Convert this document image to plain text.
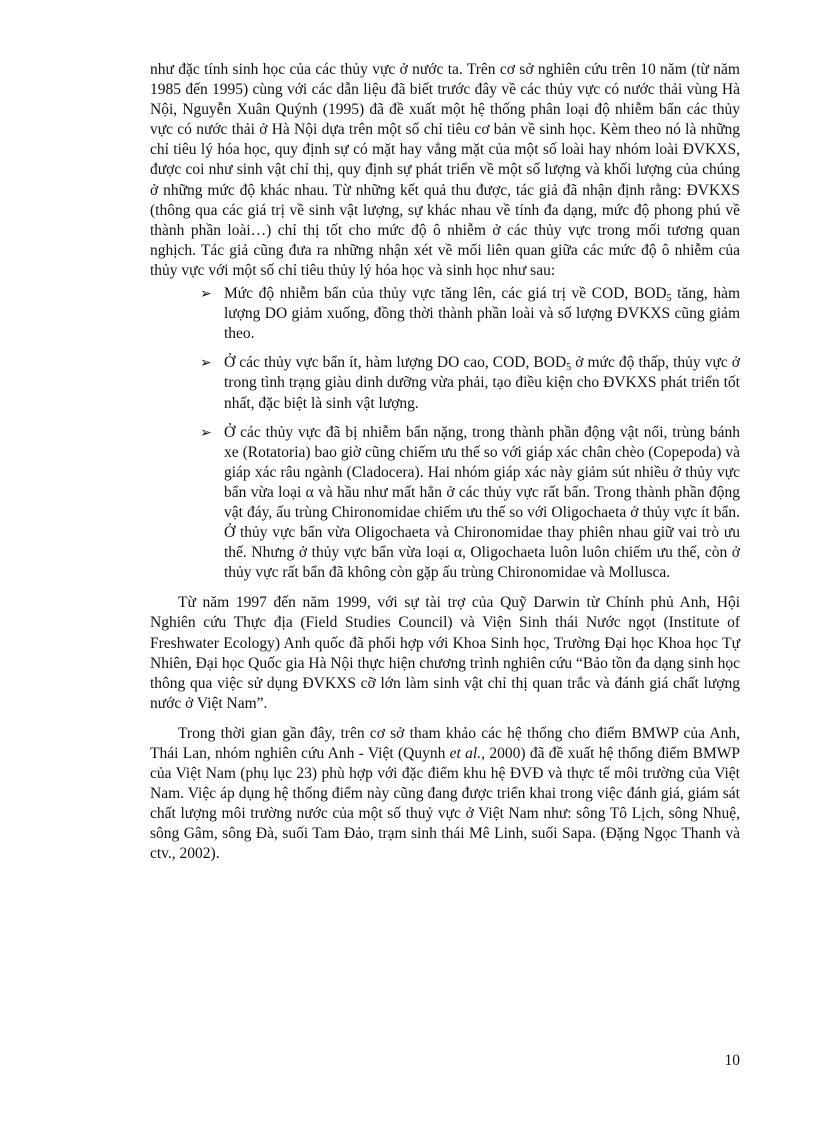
như đặc tính sinh học của các thủy vực ở nước ta. Trên cơ sở nghiên cứu trên 10 năm (từ năm 1985 đến 1995) cùng với các dẫn liệu đã biết trước đây về các thủy vực có nước thải vùng Hà Nội, Nguyễn Xuân Quýnh (1995) đã đề xuất một hệ thống phân loại độ nhiễm bẩn các thủy vực có nước thải ở Hà Nội dựa trên một số chỉ tiêu cơ bản về sinh học. Kèm theo nó là những chỉ tiêu lý hóa học, quy định sự có mặt hay vắng mặt của một số loài hay nhóm loài ĐVKXS, được coi như sinh vật chỉ thị, quy định sự phát triển về một số lượng và khối lượng của chúng ở những mức độ khác nhau. Từ những kết quả thu được, tác giả đã nhận định rằng: ĐVKXS (thông qua các giá trị về sinh vật lượng, sự khác nhau về tính đa dạng, mức độ phong phú về thành phần loài…) chỉ thị tốt cho mức độ ô nhiễm ở các thủy vực trong mối tương quan nghịch. Tác giả cũng đưa ra những nhận xét về mối liên quan giữa các mức độ ô nhiễm của thủy vực với một số chỉ tiêu thủy lý hóa học và sinh học như sau:

➢ Mức độ nhiễm bẩn của thủy vực tăng lên, các giá trị về COD, $BOD_5$ tăng, hàm lượng DO giảm xuống, đồng thời thành phần loài và số lượng ĐVKXS cũng giảm theo.
➢ Ở các thủy vực bẩn ít, hàm lượng DO cao, COD, $BOD_5$ ở mức độ thấp, thủy vực ở trong tình trạng giàu dinh dưỡng vừa phải, tạo điều kiện cho ĐVKXS phát triển tốt nhất, đặc biệt là sinh vật lượng.
➢ Ở các thủy vực đã bị nhiễm bẩn nặng, trong thành phần động vật nổi, trùng bánh xe (Rotatoria) bao giờ cũng chiếm ưu thế so với giáp xác chân chèo (Copepoda) và giáp xác râu ngành (Cladocera). Hai nhóm giáp xác này giảm sút nhiều ở thủy vực bẩn vừa loại α và hầu như mất hẳn ở các thủy vực rất bẩn. Trong thành phần động vật đáy, ấu trùng Chironomidae chiếm ưu thế so với Oligochaeta ở thủy vực ít bẩn. Ở thủy vực bẩn vừa Oligochaeta và Chironomidae thay phiên nhau giữ vai trò ưu thế. Nhưng ở thủy vực bẩn vừa loại α, Oligochaeta luôn luôn chiếm ưu thế, còn ở thủy vực rất bẩn đã không còn gặp ấu trùng Chironomidae và Mollusca.

Từ năm 1997 đến năm 1999, với sự tài trợ của Quỹ Darwin từ Chính phủ Anh, Hội Nghiên cứu Thực địa (Field Studies Council) và Viện Sinh thái Nước ngọt (Institute of Freshwater Ecology) Anh quốc đã phối hợp với Khoa Sinh học, Trường Đại học Khoa học Tự Nhiên, Đại học Quốc gia Hà Nội thực hiện chương trình nghiên cứu “Bảo tồn đa dạng sinh học thông qua việc sử dụng ĐVKXS cỡ lớn làm sinh vật chỉ thị quan trắc và đánh giá chất lượng nước ở Việt Nam”.

Trong thời gian gần đây, trên cơ sở tham khảo các hệ thống cho điểm BMWP của Anh, Thái Lan, nhóm nghiên cứu Anh - Việt (Quynh et al., 2000) đã đề xuất hệ thống điểm BMWP của Việt Nam (phụ lục 23) phù hợp với đặc điểm khu hệ ĐVĐ và thực tế môi trường của Việt Nam. Việc áp dụng hệ thống điểm này cũng đang được triển khai trong việc đánh giá, giám sát chất lượng môi trường nước của một số thuỷ vực ở Việt Nam như: sông Tô Lịch, sông Nhuệ, sông Gâm, sông Đà, suối Tam Đảo, trạm sinh thái Mê Linh, suối Sapa. (Đặng Ngọc Thanh và ctv., 2002).

10
